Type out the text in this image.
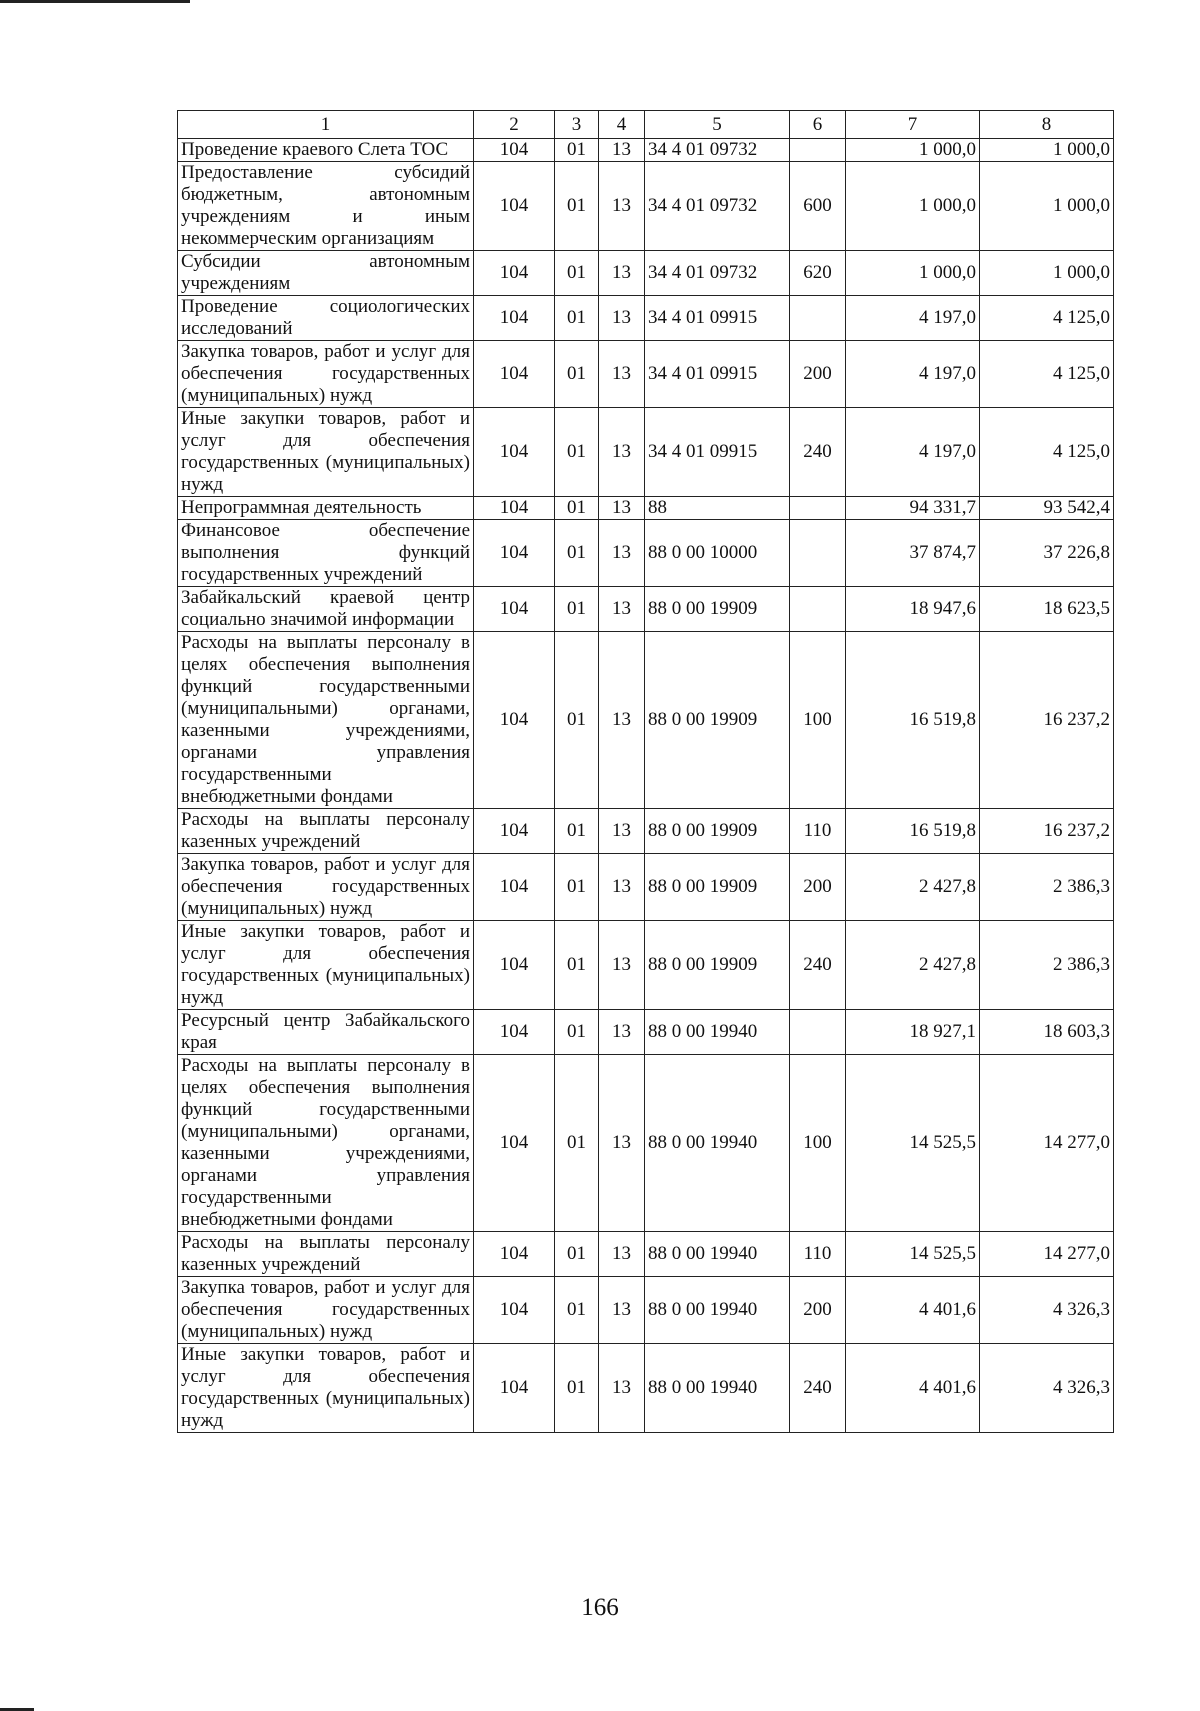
1	2	3	4	5	6	7	8
Проведение краевого Слета ТОС	104	01	13	34 4 01 09732		1 000,0	1 000,0
Предоставление субсидий бюджетным, автономным учреждениям и иным некоммерческим организациям	104	01	13	34 4 01 09732	600	1 000,0	1 000,0
Субсидии автономным учреждениям	104	01	13	34 4 01 09732	620	1 000,0	1 000,0
Проведение социологических исследований	104	01	13	34 4 01 09915		4 197,0	4 125,0
Закупка товаров, работ и услуг для обеспечения государственных (муниципальных) нужд	104	01	13	34 4 01 09915	200	4 197,0	4 125,0
Иные закупки товаров, работ и услуг для обеспечения государственных (муниципальных) нужд	104	01	13	34 4 01 09915	240	4 197,0	4 125,0
Непрограммная деятельность	104	01	13	88		94 331,7	93 542,4
Финансовое обеспечение выполнения функций государственных учреждений	104	01	13	88 0 00 10000		37 874,7	37 226,8
Забайкальский краевой центр социально значимой информации	104	01	13	88 0 00 19909		18 947,6	18 623,5
Расходы на выплаты персоналу в целях обеспечения выполнения функций государственными (муниципальными) органами, казенными учреждениями, органами управления государственными внебюджетными фондами	104	01	13	88 0 00 19909	100	16 519,8	16 237,2
Расходы на выплаты персоналу казенных учреждений	104	01	13	88 0 00 19909	110	16 519,8	16 237,2
Закупка товаров, работ и услуг для обеспечения государственных (муниципальных) нужд	104	01	13	88 0 00 19909	200	2 427,8	2 386,3
Иные закупки товаров, работ и услуг для обеспечения государственных (муниципальных) нужд	104	01	13	88 0 00 19909	240	2 427,8	2 386,3
Ресурсный центр Забайкальского края	104	01	13	88 0 00 19940		18 927,1	18 603,3
Расходы на выплаты персоналу в целях обеспечения выполнения функций государственными (муниципальными) органами, казенными учреждениями, органами управления государственными внебюджетными фондами	104	01	13	88 0 00 19940	100	14 525,5	14 277,0
Расходы на выплаты персоналу казенных учреждений	104	01	13	88 0 00 19940	110	14 525,5	14 277,0
Закупка товаров, работ и услуг для обеспечения государственных (муниципальных) нужд	104	01	13	88 0 00 19940	200	4 401,6	4 326,3
Иные закупки товаров, работ и услуг для обеспечения государственных (муниципальных) нужд	104	01	13	88 0 00 19940	240	4 401,6	4 326,3
166
